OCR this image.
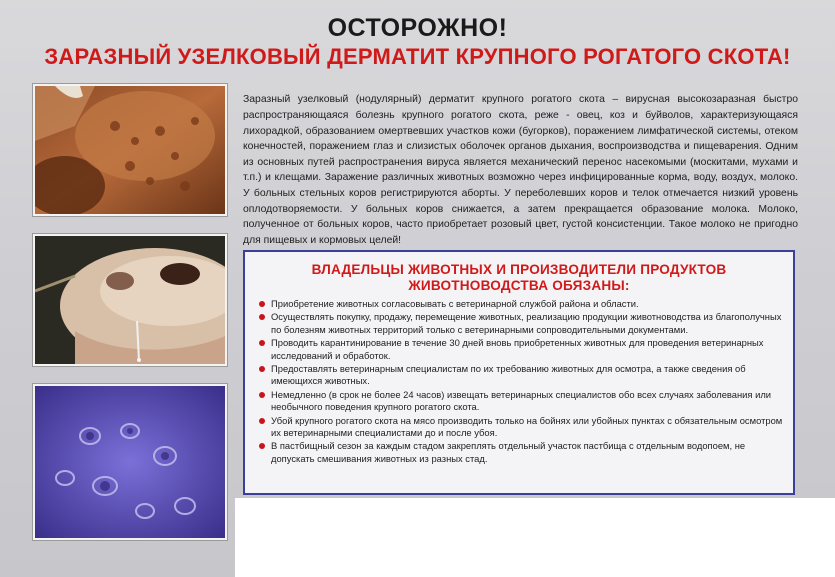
ОСТОРОЖНО!
ЗАРАЗНЫЙ УЗЕЛКОВЫЙ ДЕРМАТИТ КРУПНОГО РОГАТОГО СКОТА!

Заразный узелковый (нодулярный) дерматит крупного рогатого скота – вирусная высокозаразная быстро распространяющаяся болезнь крупного рогатого скота, реже - овец, коз и буйволов, характеризующаяся лихорадкой, образованием омертвевших участков кожи (бугорков), поражением лимфатической системы, отеком конечностей, поражением глаз и слизистых оболочек органов дыхания, воспроизводства и пищеварения. Одним из основных путей распространения вируса является механический перенос насекомыми (москитами, мухами и т.п.) и клещами. Заражение различных животных возможно через инфицированные корма, воду, воздух, молоко. У больных стельных коров регистрируются аборты. У переболевших коров и телок отмечается низкий уровень оплодотворяемости. У больных коров снижается, а затем прекращается образование молока. Молоко, полученное от больных коров, часто приобретает розовый цвет, густой консистенции. Такое молоко не пригодно для пищевых и кормовых целей!

ВЛАДЕЛЬЦЫ ЖИВОТНЫХ И ПРОИЗВОДИТЕЛИ ПРОДУКТОВ
ЖИВОТНОВОДСТВА ОБЯЗАНЫ:
Приобретение животных согласовывать с ветеринарной службой района и области.
Осуществлять покупку, продажу, перемещение животных, реализацию продукции животноводства из благополучных по болезням животных территорий только с ветеринарными сопроводительными документами.
Проводить карантинирование в течение 30 дней вновь приобретенных животных для проведения ветеринарных исследований и обработок.
Предоставлять ветеринарным специалистам по их требованию животных для осмотра, а также сведения об имеющихся животных.
Немедленно (в срок не более 24 часов) извещать ветеринарных специалистов обо всех случаях заболевания или необычного поведения крупного рогатого скота.
Убой крупного рогатого скота на мясо производить только на бойнях или убойных пунктах с обязательным осмотром их ветеринарными специалистами до и после убоя.
В пастбищный сезон за каждым стадом закреплять отдельный участок пастбища с отдельным водопоем, не допускать смешивания животных из разных стад.
